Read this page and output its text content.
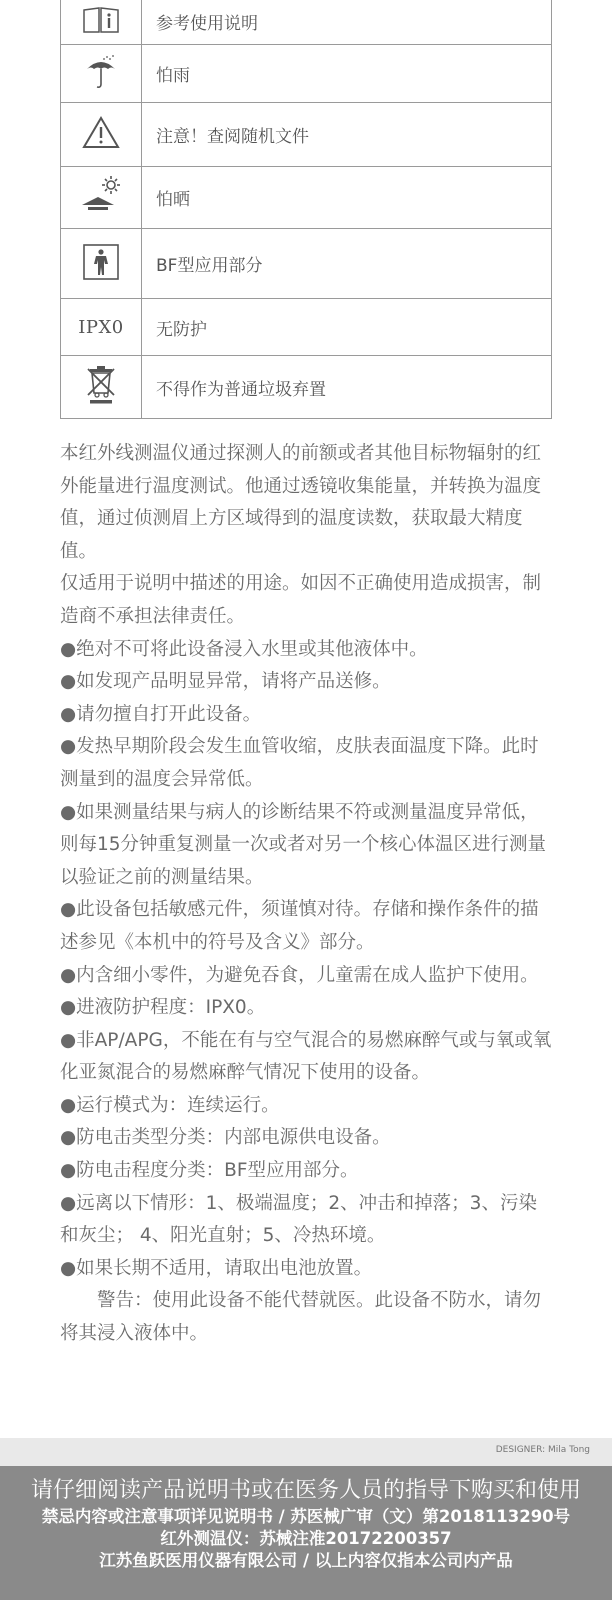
	参考使用说明
	怕雨
	注意！查阅随机文件
	怕晒
	BF型应用部分
IPX0	无防护
	不得作为普通垃圾弃置

本红外线测温仪通过探测人的前额或者其他目标物辐射的红外能量进行温度测试。他通过透镜收集能量，并转换为温度值，通过侦测眉上方区域得到的温度读数，获取最大精度值。

仅适用于说明中描述的用途。如因不正确使用造成损害，制造商不承担法律责任。

●绝对不可将此设备浸入水里或其他液体中。

●如发现产品明显异常，请将产品送修。

●请勿擅自打开此设备。

●发热早期阶段会发生血管收缩，皮肤表面温度下降。此时测量到的温度会异常低。

●如果测量结果与病人的诊断结果不符或测量温度异常低，则每15分钟重复测量一次或者对另一个核心体温区进行测量以验证之前的测量结果。

●此设备包括敏感元件，须谨慎对待。存储和操作条件的描述参见《本机中的符号及含义》部分。

●内含细小零件，为避免吞食，儿童需在成人监护下使用。

●进液防护程度：IPX0。

●非AP/APG，不能在有与空气混合的易燃麻醉气或与氧或氧化亚氮混合的易燃麻醉气情况下使用的设备。

●运行模式为：连续运行。

●防电击类型分类：内部电源供电设备。

●防电击程度分类：BF型应用部分。

●远离以下情形：1、极端温度；2、冲击和掉落；3、污染和灰尘； 4、阳光直射；5、冷热环境。

●如果长期不适用，请取出电池放置。

　　警告：使用此设备不能代替就医。此设备不防水，请勿将其浸入液体中。

DESIGNER: Mila Tong
请仔细阅读产品说明书或在医务人员的指导下购买和使用
禁忌内容或注意事项详见说明书 / 苏医械广审（文）第2018113290号
红外测温仪：苏械注准20172200357
江苏鱼跃医用仪器有限公司 / 以上内容仅指本公司内产品
